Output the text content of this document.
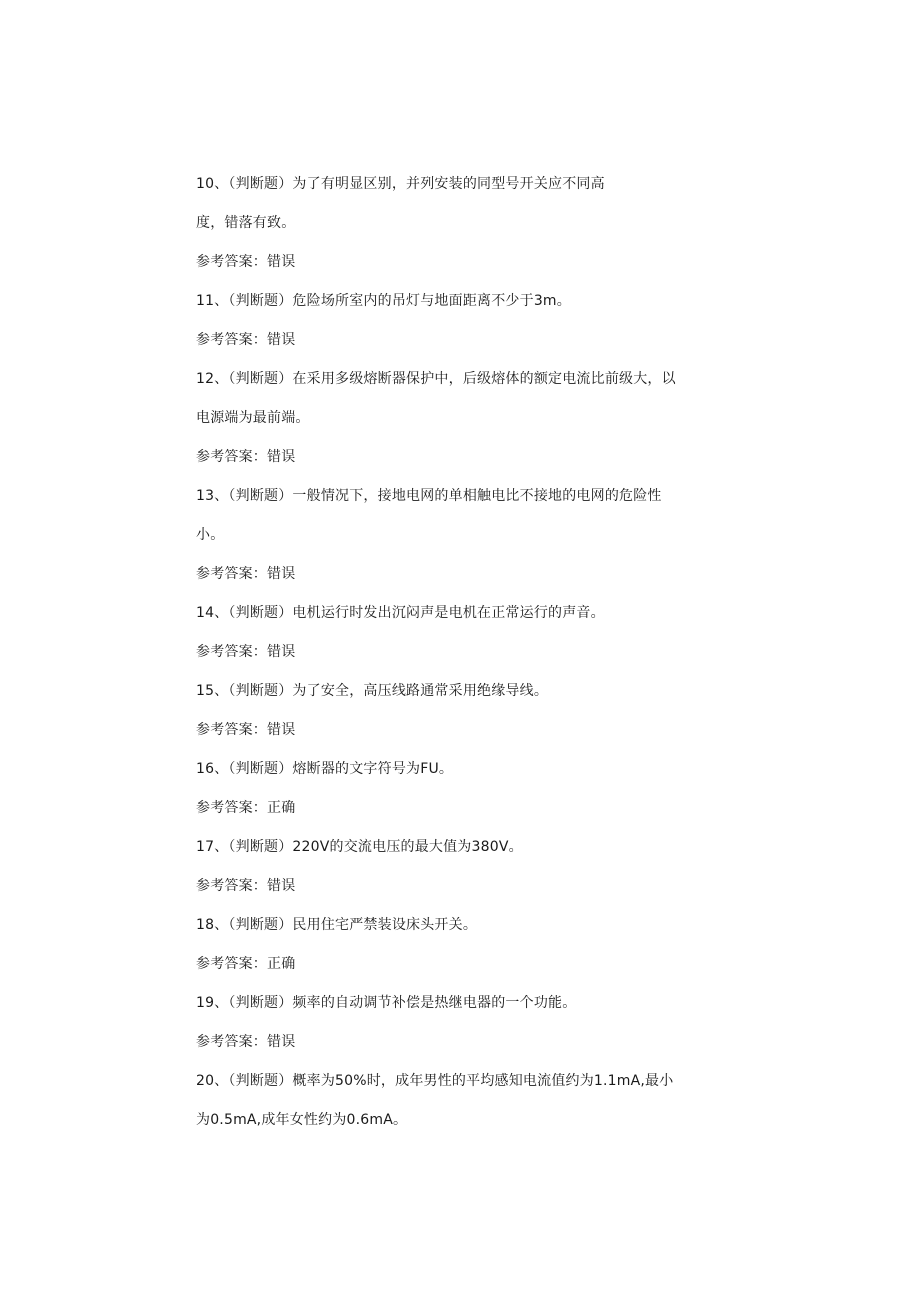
10、（判断题）为了有明显区别，并列安装的同型号开关应不同高
度，错落有致。
参考答案：错误
11、（判断题）危险场所室内的吊灯与地面距离不少于3m。
参考答案：错误
12、（判断题）在采用多级熔断器保护中，后级熔体的额定电流比前级大，以
电源端为最前端。
参考答案：错误
13、（判断题）一般情况下，接地电网的单相触电比不接地的电网的危险性
小。
参考答案：错误
14、（判断题）电机运行时发出沉闷声是电机在正常运行的声音。
参考答案：错误
15、（判断题）为了安全，高压线路通常采用绝缘导线。
参考答案：错误
16、（判断题）熔断器的文字符号为FU。
参考答案：正确
17、（判断题）220V的交流电压的最大值为380V。
参考答案：错误
18、（判断题）民用住宅严禁装设床头开关。
参考答案：正确
19、（判断题）频率的自动调节补偿是热继电器的一个功能。
参考答案：错误
20、（判断题）概率为50%时，成年男性的平均感知电流值约为1.1mA,最小
为0.5mA,成年女性约为0.6mA。
